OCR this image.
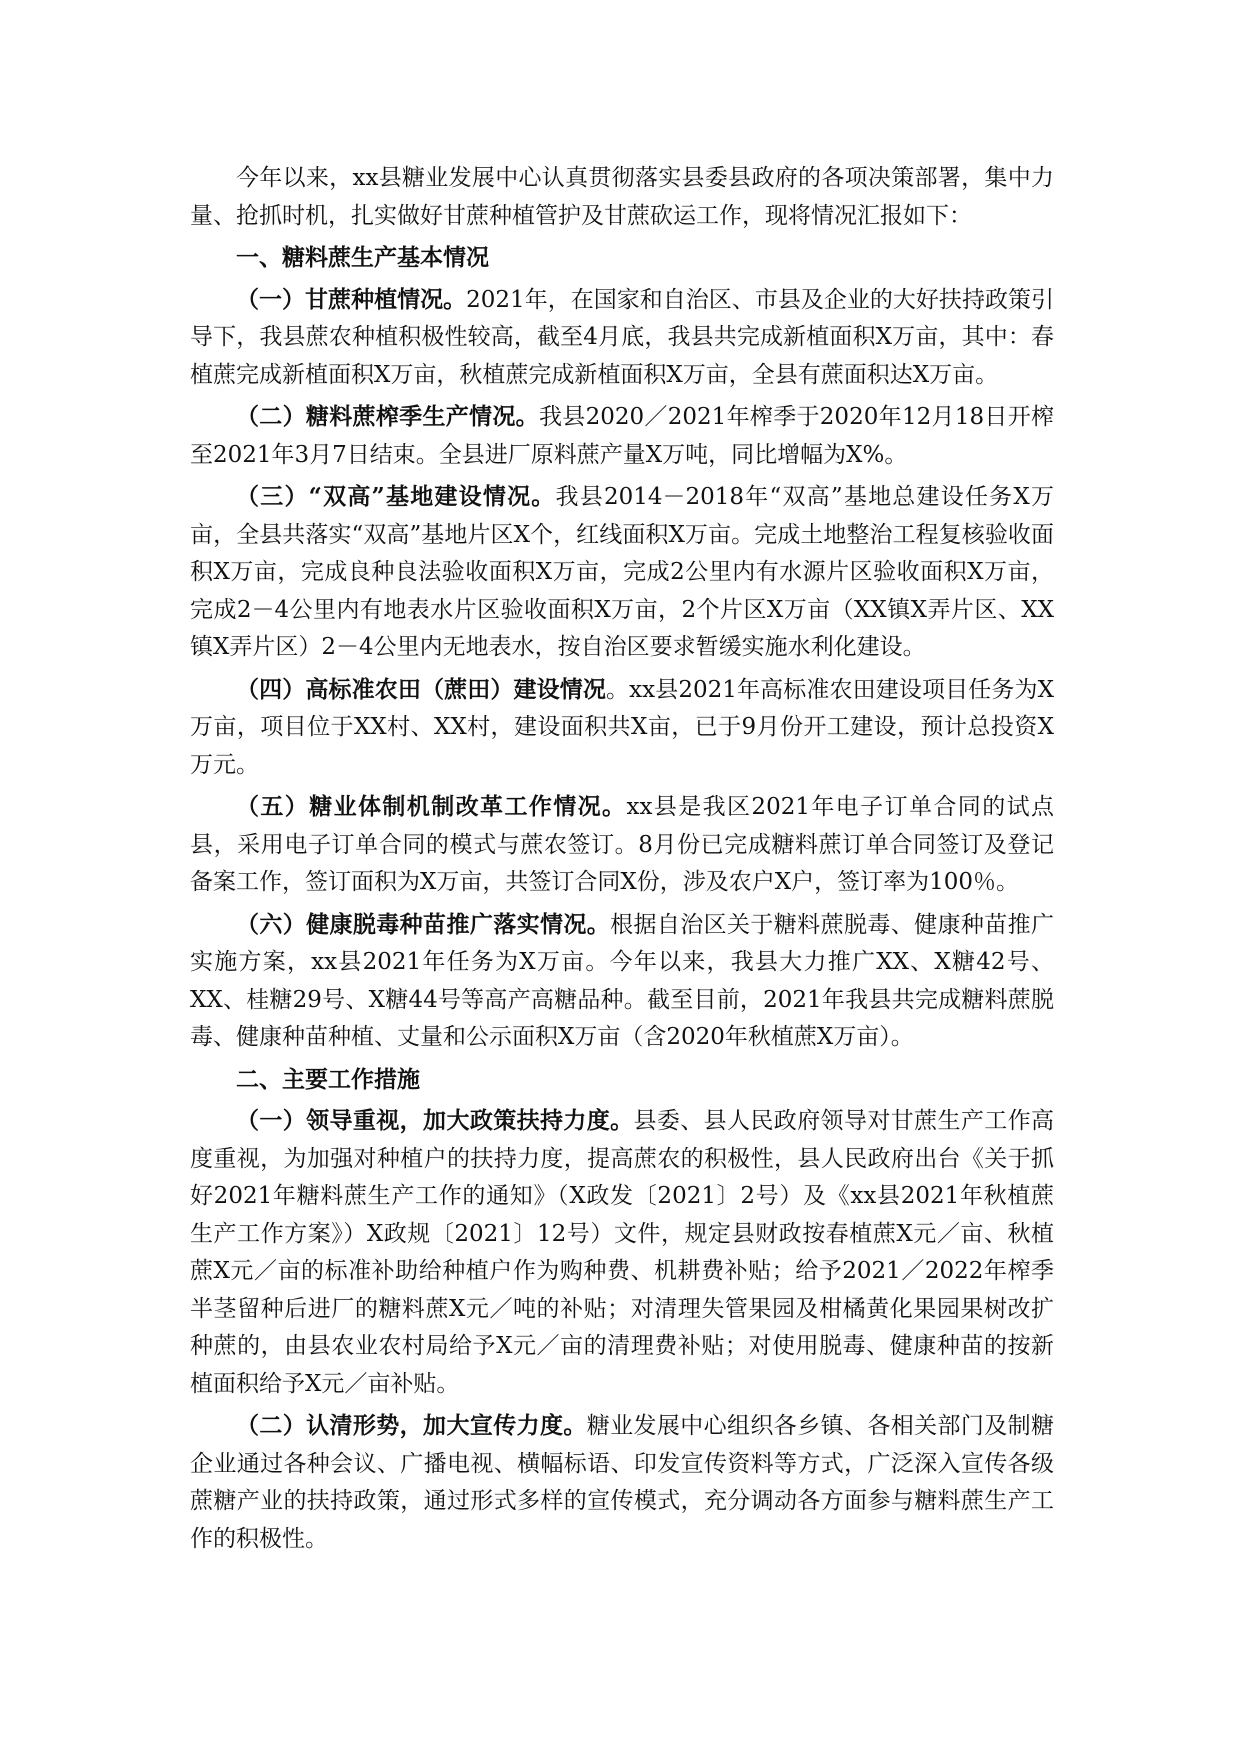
今年以来，xx县糖业发展中心认真贯彻落实县委县政府的各项决策部署，集中力量、抢抓时机，扎实做好甘蔗种植管护及甘蔗砍运工作，现将情况汇报如下：

一、糖料蔗生产基本情况

（一）甘蔗种植情况。2021年，在国家和自治区、市县及企业的大好扶持政策引导下，我县蔗农种植积极性较高，截至4月底，我县共完成新植面积X万亩，其中：春植蔗完成新植面积X万亩，秋植蔗完成新植面积X万亩，全县有蔗面积达X万亩。

（二）糖料蔗榨季生产情况。我县2020／2021年榨季于2020年12月18日开榨至2021年3月7日结束。全县进厂原料蔗产量X万吨，同比增幅为X%。

（三）“双高”基地建设情况。我县2014－2018年“双高”基地总建设任务X万亩，全县共落实“双高”基地片区X个，红线面积X万亩。完成土地整治工程复核验收面积X万亩，完成良种良法验收面积X万亩，完成2公里内有水源片区验收面积X万亩，完成2－4公里内有地表水片区验收面积X万亩，2个片区X万亩（XX镇X弄片区、XX镇X弄片区）2－4公里内无地表水，按自治区要求暂缓实施水利化建设。

（四）高标准农田（蔗田）建设情况。xx县2021年高标准农田建设项目任务为X万亩，项目位于XX村、XX村，建设面积共X亩，已于9月份开工建设，预计总投资X万元。

（五）糖业体制机制改革工作情况。xx县是我区2021年电子订单合同的试点县，采用电子订单合同的模式与蔗农签订。8月份已完成糖料蔗订单合同签订及登记备案工作，签订面积为X万亩，共签订合同X份，涉及农户X户，签订率为100％。

（六）健康脱毒种苗推广落实情况。根据自治区关于糖料蔗脱毒、健康种苗推广实施方案，xx县2021年任务为X万亩。今年以来，我县大力推广XX、X糖42号、XX、桂糖29号、X糖44号等高产高糖品种。截至目前，2021年我县共完成糖料蔗脱毒、健康种苗种植、丈量和公示面积X万亩（含2020年秋植蔗X万亩）。

二、主要工作措施

（一）领导重视，加大政策扶持力度。县委、县人民政府领导对甘蔗生产工作高度重视，为加强对种植户的扶持力度，提高蔗农的积极性，县人民政府出台《关于抓好2021年糖料蔗生产工作的通知》（X政发〔2021〕2号）及《xx县2021年秋植蔗生产工作方案》）X政规〔2021〕12号）文件，规定县财政按春植蔗X元／亩、秋植蔗X元／亩的标准补助给种植户作为购种费、机耕费补贴；给予2021／2022年榨季半茎留种后进厂的糖料蔗X元／吨的补贴；对清理失管果园及柑橘黄化果园果树改扩种蔗的，由县农业农村局给予X元／亩的清理费补贴；对使用脱毒、健康种苗的按新植面积给予X元／亩补贴。

（二）认清形势，加大宣传力度。糖业发展中心组织各乡镇、各相关部门及制糖企业通过各种会议、广播电视、横幅标语、印发宣传资料等方式，广泛深入宣传各级蔗糖产业的扶持政策，通过形式多样的宣传模式，充分调动各方面参与糖料蔗生产工作的积极性。
